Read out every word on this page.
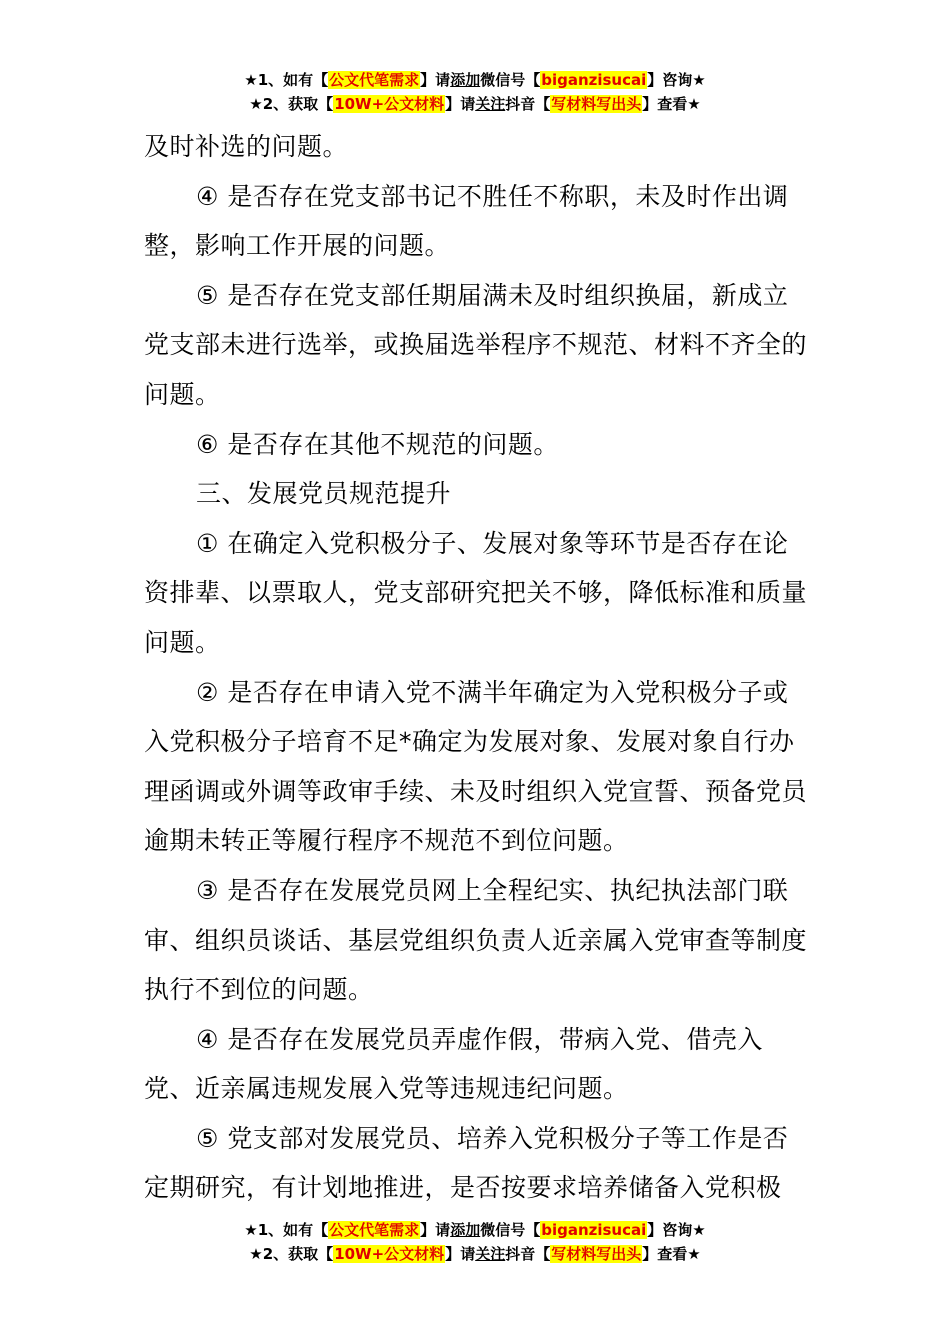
★1、如有【公文代笔需求】请添加微信号【biganzisucai】咨询★
★2、获取【10W+公文材料】请关注抖音【写材料写出头】查看★

及时补选的问题。

④ 是否存在党支部书记不胜任不称职，未及时作出调整，影响工作开展的问题。

⑤ 是否存在党支部任期届满未及时组织换届，新成立党支部未进行选举，或换届选举程序不规范、材料不齐全的问题。

⑥ 是否存在其他不规范的问题。

三、发展党员规范提升

① 在确定入党积极分子、发展对象等环节是否存在论资排辈、以票取人，党支部研究把关不够，降低标准和质量问题。

② 是否存在申请入党不满半年确定为入党积极分子或入党积极分子培育不足*确定为发展对象、发展对象自行办理函调或外调等政审手续、未及时组织入党宣誓、预备党员逾期未转正等履行程序不规范不到位问题。

③ 是否存在发展党员网上全程纪实、执纪执法部门联审、组织员谈话、基层党组织负责人近亲属入党审查等制度执行不到位的问题。

④ 是否存在发展党员弄虚作假，带病入党、借壳入党、近亲属违规发展入党等违规违纪问题。

⑤ 党支部对发展党员、培养入党积极分子等工作是否定期研究，有计划地推进，是否按要求培养储备入党积极

★1、如有【公文代笔需求】请添加微信号【biganzisucai】咨询★
★2、获取【10W+公文材料】请关注抖音【写材料写出头】查看★
